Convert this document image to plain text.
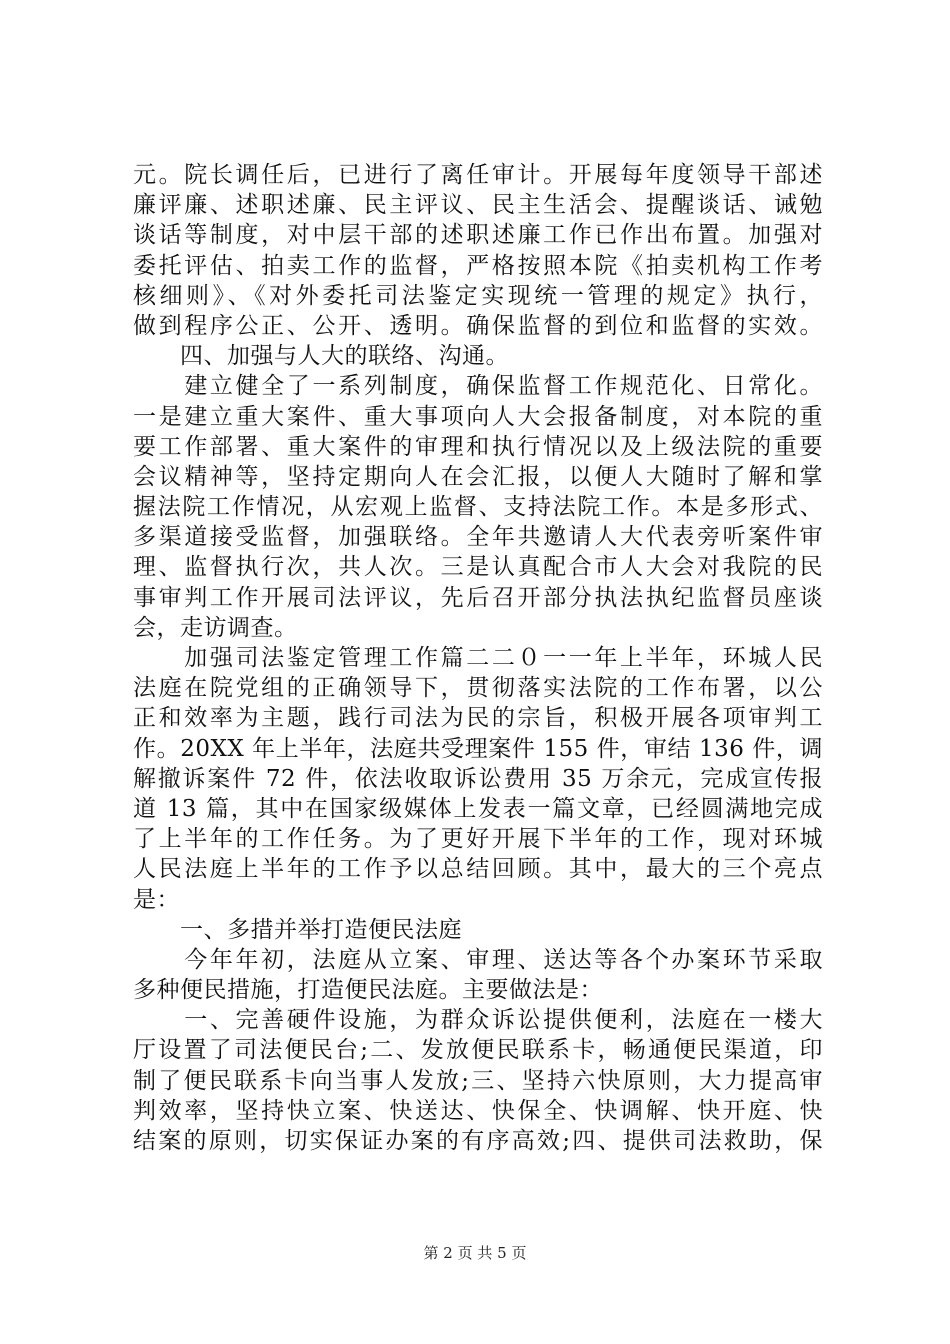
元。院长调任后，已进行了离任审计。开展每年度领导干部述
廉评廉、述职述廉、民主评议、民主生活会、提醒谈话、诫勉
谈话等制度，对中层干部的述职述廉工作已作出布置。加强对
委托评估、拍卖工作的监督，严格按照本院《拍卖机构工作考
核细则》、《对外委托司法鉴定实现统一管理的规定》执行，
做到程序公正、公开、透明。确保监督的到位和监督的实效。
　　四、加强与人大的联络、沟通。
　　建立健全了一系列制度，确保监督工作规范化、日常化。
一是建立重大案件、重大事项向人大会报备制度，对本院的重
要工作部署、重大案件的审理和执行情况以及上级法院的重要
会议精神等，坚持定期向人在会汇报，以便人大随时了解和掌
握法院工作情况，从宏观上监督、支持法院工作。本是多形式、
多渠道接受监督，加强联络。全年共邀请人大代表旁听案件审
理、监督执行次，共人次。三是认真配合市人大会对我院的民
事审判工作开展司法评议，先后召开部分执法执纪监督员座谈
会，走访调查。
　　加强司法鉴定管理工作篇二二０一一年上半年，环城人民
法庭在院党组的正确领导下，贯彻落实法院的工作布署，以公
正和效率为主题，践行司法为民的宗旨，积极开展各项审判工
作。20XX 年上半年，法庭共受理案件 155 件，审结 136 件，调
解撤诉案件 72 件，依法收取诉讼费用 35 万余元，完成宣传报
道 13 篇，其中在国家级媒体上发表一篇文章，已经圆满地完成
了上半年的工作任务。为了更好开展下半年的工作，现对环城
人民法庭上半年的工作予以总结回顾。其中，最大的三个亮点
是：
　　一、多措并举打造便民法庭
　　今年年初，法庭从立案、审理、送达等各个办案环节采取
多种便民措施，打造便民法庭。主要做法是：
　　一、完善硬件设施，为群众诉讼提供便利，法庭在一楼大
厅设置了司法便民台;二、发放便民联系卡，畅通便民渠道，印
制了便民联系卡向当事人发放;三、坚持六快原则，大力提高审
判效率，坚持快立案、快送达、快保全、快调解、快开庭、快
结案的原则，切实保证办案的有序高效;四、提供司法救助，保
第 2 页 共 5 页
